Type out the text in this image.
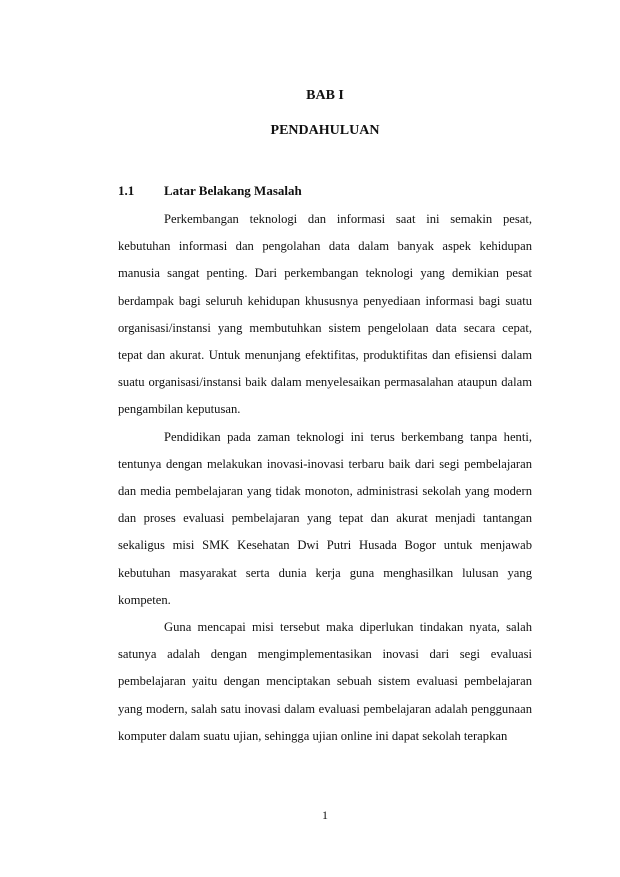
BAB I
PENDAHULUAN
1.1 Latar Belakang Masalah

Perkembangan teknologi dan informasi saat ini semakin pesat, kebutuhan informasi dan pengolahan data dalam banyak aspek kehidupan manusia sangat penting. Dari perkembangan teknologi yang demikian pesat berdampak bagi seluruh kehidupan khususnya penyediaan informasi bagi suatu organisasi/instansi yang membutuhkan sistem pengelolaan data secara cepat, tepat dan akurat. Untuk menunjang efektifitas, produktifitas dan efisiensi dalam suatu organisasi/instansi baik dalam menyelesaikan permasalahan ataupun dalam pengambilan keputusan.

Pendidikan pada zaman teknologi ini terus berkembang tanpa henti, tentunya dengan melakukan inovasi-inovasi terbaru baik dari segi pembelajaran dan media pembelajaran yang tidak monoton, administrasi sekolah yang modern dan proses evaluasi pembelajaran yang tepat dan akurat menjadi tantangan sekaligus misi SMK Kesehatan Dwi Putri Husada Bogor untuk menjawab kebutuhan masyarakat serta dunia kerja guna menghasilkan lulusan yang kompeten.

Guna mencapai misi tersebut maka diperlukan tindakan nyata, salah satunya adalah dengan mengimplementasikan inovasi dari segi evaluasi pembelajaran yaitu dengan menciptakan sebuah sistem evaluasi pembelajaran yang modern, salah satu inovasi dalam evaluasi pembelajaran adalah penggunaan komputer dalam suatu ujian, sehingga ujian online ini dapat sekolah terapkan

1
